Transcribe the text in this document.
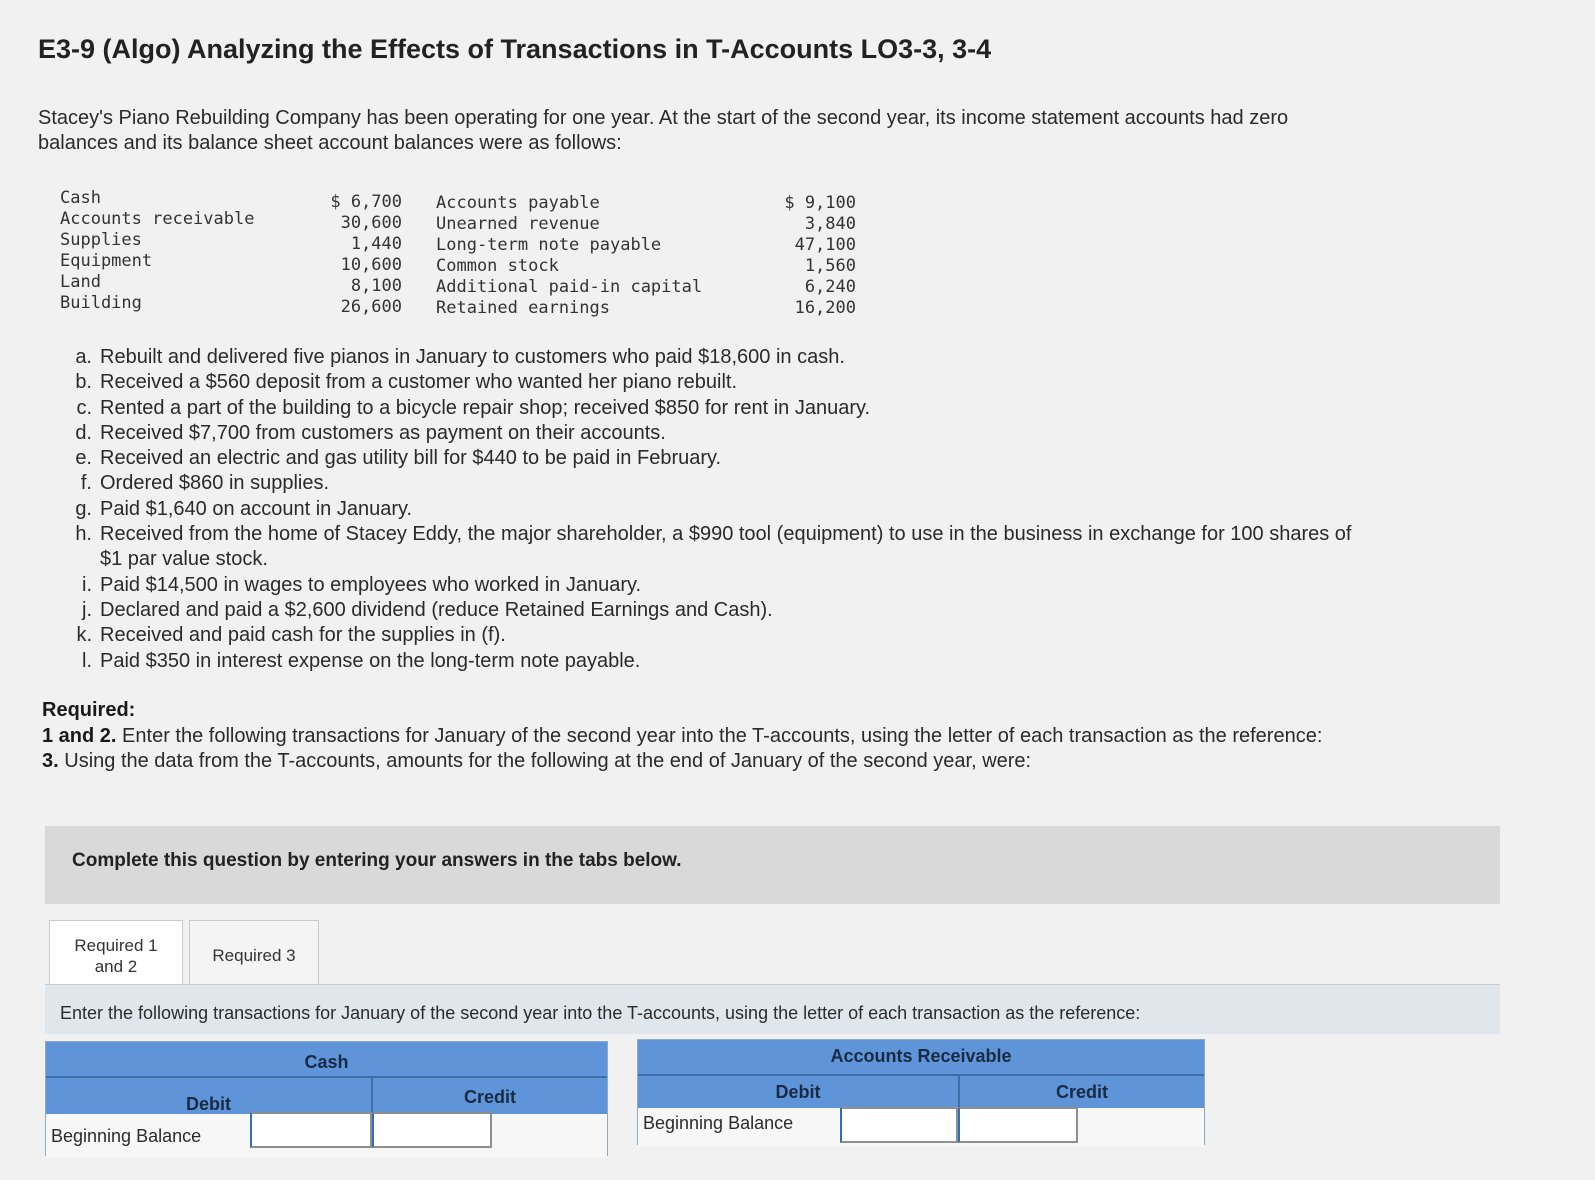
E3-9 (Algo) Analyzing the Effects of Transactions in T-Accounts LO3-3, 3-4
Stacey's Piano Rebuilding Company has been operating for one year. At the start of the second year, its income statement accounts had zero balances and its balance sheet account balances were as follows:
Cash
Accounts receivable
Supplies
Equipment
Land
Building
$ 6,700
30,600
1,440
10,600
8,100
26,600
Accounts payable
Unearned revenue
Long-term note payable
Common stock
Additional paid-in capital
Retained earnings
$ 9,100
3,840
47,100
1,560
6,240
16,200
a. Rebuilt and delivered five pianos in January to customers who paid $18,600 in cash.
b. Received a $560 deposit from a customer who wanted her piano rebuilt.
c. Rented a part of the building to a bicycle repair shop; received $850 for rent in January.
d. Received $7,700 from customers as payment on their accounts.
e. Received an electric and gas utility bill for $440 to be paid in February.
f. Ordered $860 in supplies.
g. Paid $1,640 on account in January.
h. Received from the home of Stacey Eddy, the major shareholder, a $990 tool (equipment) to use in the business in exchange for 100 shares of $1 par value stock.
i. Paid $14,500 in wages to employees who worked in January.
j. Declared and paid a $2,600 dividend (reduce Retained Earnings and Cash).
k. Received and paid cash for the supplies in (f).
l. Paid $350 in interest expense on the long-term note payable.
Required:
1 and 2. Enter the following transactions for January of the second year into the T-accounts, using the letter of each transaction as the reference:
3. Using the data from the T-accounts, amounts for the following at the end of January of the second year, were:
Complete this question by entering your answers in the tabs below.
Required 1
and 2
Required 3
Enter the following transactions for January of the second year into the T-accounts, using the letter of each transaction as the reference:
Cash
Debit	Credit
Beginning Balance
Accounts Receivable
Debit	Credit
Beginning Balance
